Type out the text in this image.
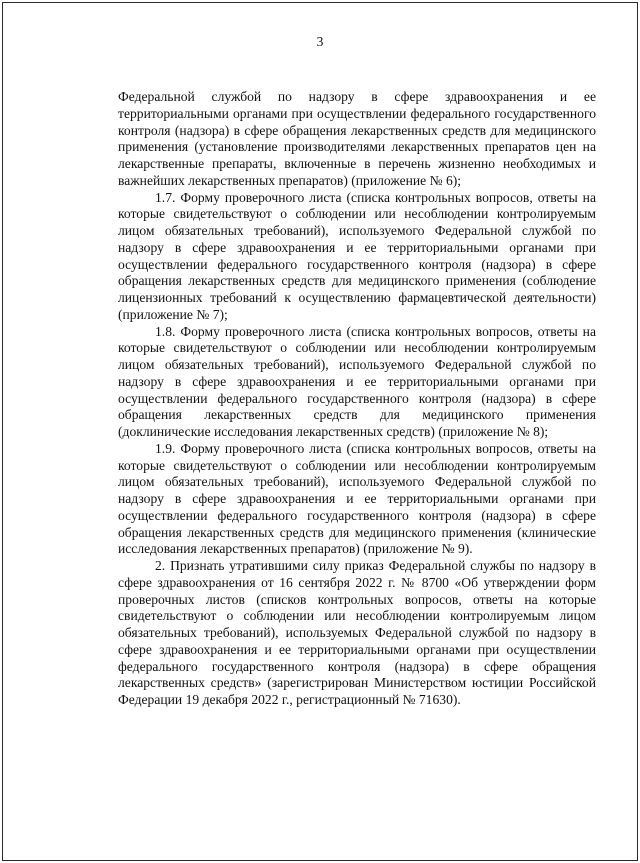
3

Федеральной службой по надзору в сфере здравоохранения и ее территориальными органами при осуществлении федерального государственного контроля (надзора) в сфере обращения лекарственных средств для медицинского применения (установление производителями лекарственных препаратов цен на лекарственные препараты, включенные в перечень жизненно необходимых и важнейших лекарственных препаратов) (приложение № 6);

1.7. Форму проверочного листа (списка контрольных вопросов, ответы на которые свидетельствуют о соблюдении или несоблюдении контролируемым лицом обязательных требований), используемого Федеральной службой по надзору в сфере здравоохранения и ее территориальными органами при осуществлении федерального государственного контроля (надзора) в сфере обращения лекарственных средств для медицинского применения (соблюдение лицензионных требований к осуществлению фармацевтической деятельности) (приложение № 7);

1.8. Форму проверочного листа (списка контрольных вопросов, ответы на которые свидетельствуют о соблюдении или несоблюдении контролируемым лицом обязательных требований), используемого Федеральной службой по надзору в сфере здравоохранения и ее территориальными органами при осуществлении федерального государственного контроля (надзора) в сфере обращения лекарственных средств для медицинского применения (доклинические исследования лекарственных средств) (приложение № 8);

1.9. Форму проверочного листа (списка контрольных вопросов, ответы на которые свидетельствуют о соблюдении или несоблюдении контролируемым лицом обязательных требований), используемого Федеральной службой по надзору в сфере здравоохранения и ее территориальными органами при осуществлении федерального государственного контроля (надзора) в сфере обращения лекарственных средств для медицинского применения (клинические исследования лекарственных препаратов) (приложение № 9).

2. Признать утратившими силу приказ Федеральной службы по надзору в сфере здравоохранения от 16 сентября 2022 г. № 8700 «Об утверждении форм проверочных листов (списков контрольных вопросов, ответы на которые свидетельствуют о соблюдении или несоблюдении контролируемым лицом обязательных требований), используемых Федеральной службой по надзору в сфере здравоохранения и ее территориальными органами при осуществлении федерального государственного контроля (надзора) в сфере обращения лекарственных средств» (зарегистрирован Министерством юстиции Российской Федерации 19 декабря 2022 г., регистрационный № 71630).
